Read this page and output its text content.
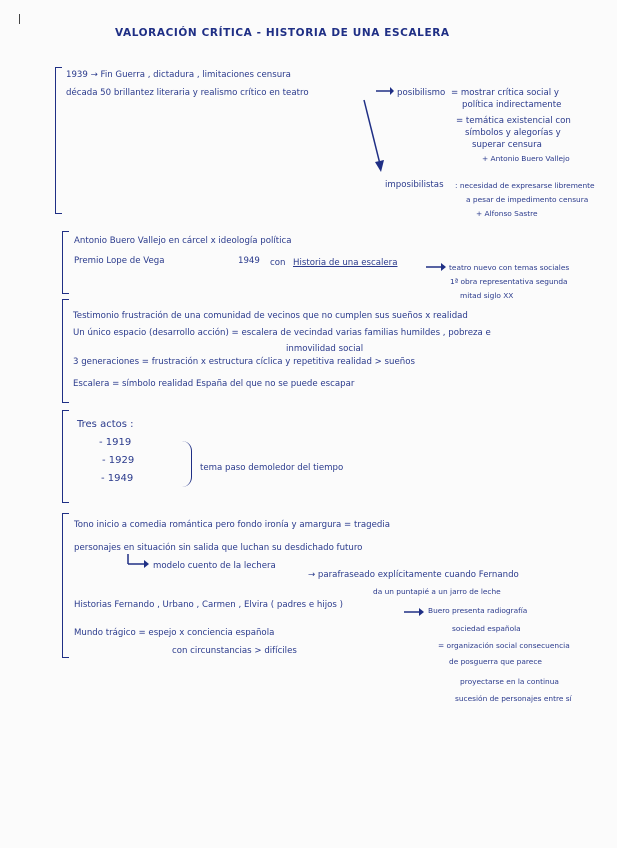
VALORACIÓN CRÍTICA - HISTORIA DE UNA ESCALERA
1939 → Fin Guerra , dictadura , limitaciones censura
década 50 brillantez literaria y realismo crítico en teatro	posibilismo = mostrar crítica social y
política indirectamente
= temática existencial con
símbolos y alegorías y
superar censura
+ Antonio Buero Vallejo
imposibilistas : necesidad de expresarse libremente
a pesar de impedimento censura
+ Alfonso Sastre
Antonio Buero Vallejo en cárcel x ideología política
Premio Lope de Vega	1949 con Historia de una escalera	teatro nuevo con temas sociales
1ª obra representativa segunda
mitad siglo XX
Testimonio frustración de una comunidad de vecinos que no cumplen sus sueños x realidad
Un único espacio (desarrollo acción) = escalera de vecindad varias familias humildes , pobreza e
inmovilidad social
3 generaciones = frustración x estructura cíclica y repetitiva realidad > sueños
Escalera = símbolo realidad España del que no se puede escapar
Tres actos :
- 1919
- 1929
- 1949
tema paso demoledor del tiempo
Tono inicio a comedia romántica pero fondo ironía y amargura = tragedia
personajes en situación sin salida que luchan su desdichado futuro
modelo cuento de la lechera
→ parafraseado explícitamente cuando Fernando
da un puntapié a un jarro de leche
Historias Fernando , Urbano , Carmen , Elvira ( padres e hijos )
Buero presenta radiografía
sociedad española
= organización social consecuencia
de posguerra que parece
proyectarse en la continua
sucesión de personajes entre sí
Mundo trágico = espejo x conciencia española
con circunstancias > difíciles
